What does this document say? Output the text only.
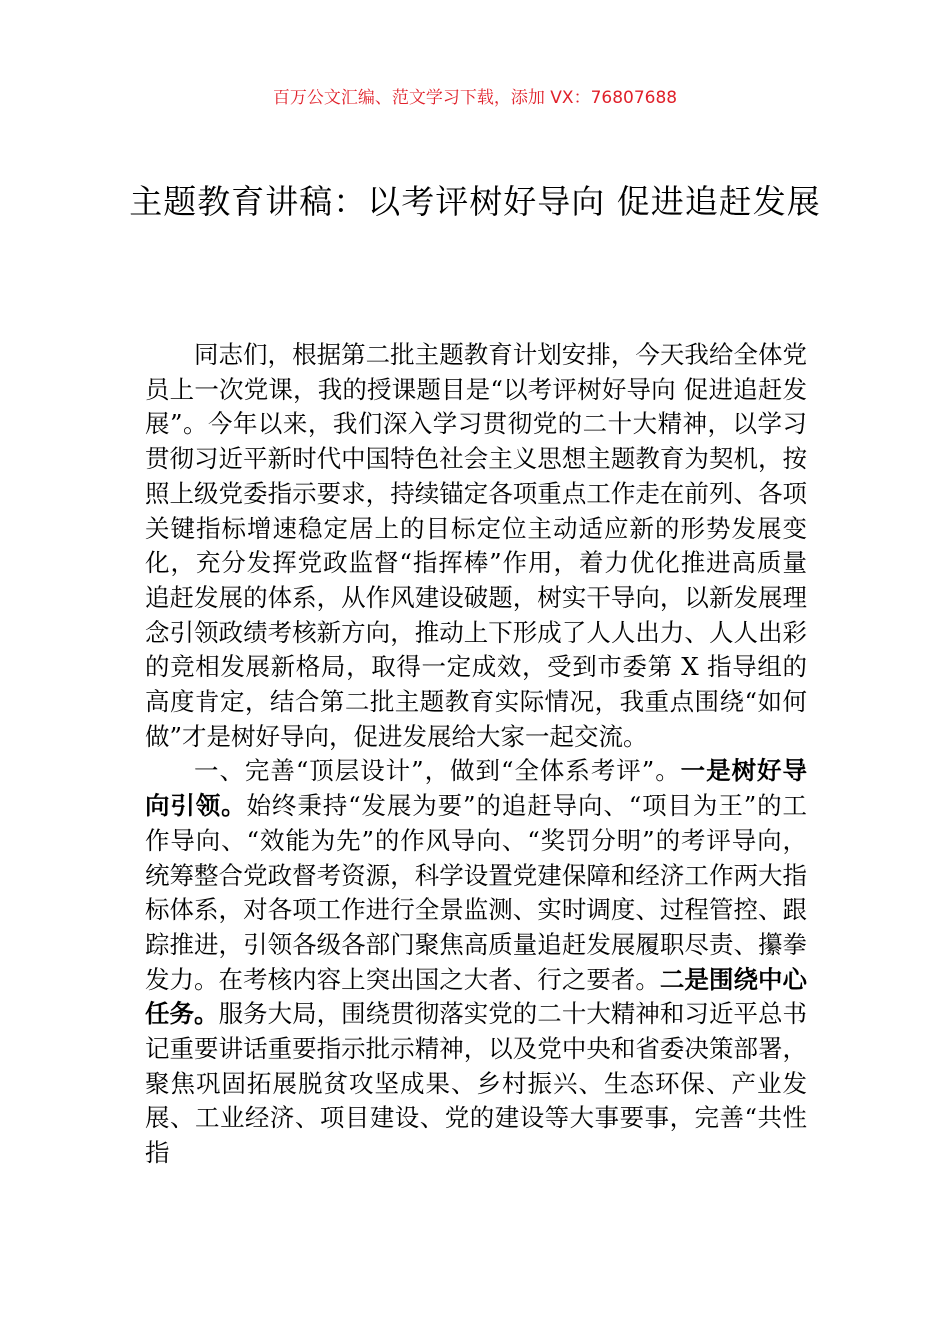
百万公文汇编、范文学习下载，添加 VX：76807688
主题教育讲稿：以考评树好导向 促进追赶发展

同志们，根据第二批主题教育计划安排，今天我给全体党员上一次党课，我的授课题目是“以考评树好导向 促进追赶发展”。今年以来，我们深入学习贯彻党的二十大精神，以学习贯彻习近平新时代中国特色社会主义思想主题教育为契机，按照上级党委指示要求，持续锚定各项重点工作走在前列、各项关键指标增速稳定居上的目标定位主动适应新的形势发展变化，充分发挥党政监督“指挥棒”作用，着力优化推进高质量追赶发展的体系，从作风建设破题，树实干导向，以新发展理念引领政绩考核新方向，推动上下形成了人人出力、人人出彩的竞相发展新格局，取得一定成效，受到市委第 X 指导组的高度肯定，结合第二批主题教育实际情况，我重点围绕“如何做”才是树好导向，促进发展给大家一起交流。

一、完善“顶层设计”，做到“全体系考评”。一是树好导向引领。始终秉持“发展为要”的追赶导向、“项目为王”的工作导向、“效能为先”的作风导向、“奖罚分明”的考评导向，统筹整合党政督考资源，科学设置党建保障和经济工作两大指标体系，对各项工作进行全景监测、实时调度、过程管控、跟踪推进，引领各级各部门聚焦高质量追赶发展履职尽责、攥拳发力。在考核内容上突出国之大者、行之要者。二是围绕中心任务。服务大局，围绕贯彻落实党的二十大精神和习近平总书记重要讲话重要指示批示精神，以及党中央和省委决策部署，聚焦巩固拓展脱贫攻坚成果、乡村振兴、生态环保、产业发展、工业经济、项目建设、党的建设等大事要事，完善“共性指
